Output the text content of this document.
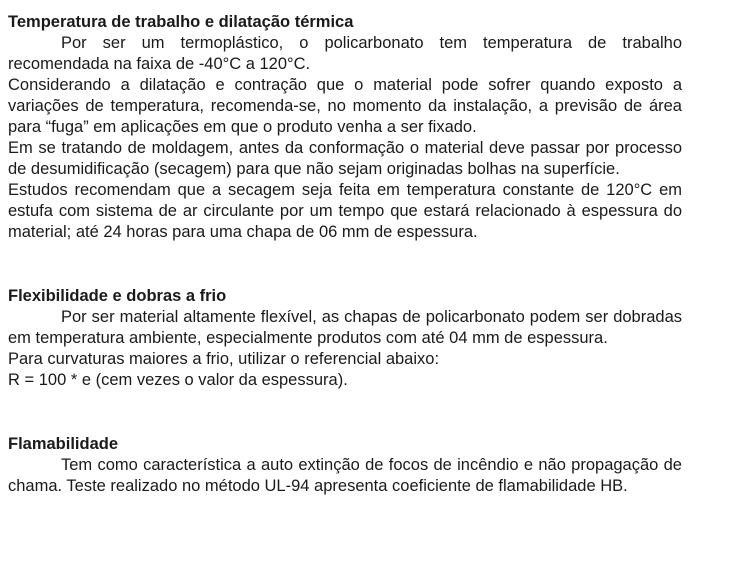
Temperatura de trabalho e dilatação térmica

Por ser um termoplástico, o policarbonato tem temperatura de trabalho recomendada na faixa de -40°C a 120°C.

Considerando a dilatação e contração que o material pode sofrer quando exposto a variações de temperatura, recomenda-se, no momento da instalação, a previsão de área para “fuga” em aplicações em que o produto venha a ser fixado.

Em se tratando de moldagem, antes da conformação o material deve passar por processo de desumidificação (secagem) para que não sejam originadas bolhas na superfície.

Estudos recomendam que a secagem seja feita em temperatura constante de 120°C em estufa com sistema de ar circulante por um tempo que estará relacionado à espessura do material; até 24 horas para uma chapa de 06 mm de espessura.

Flexibilidade e dobras a frio

Por ser material altamente flexível, as chapas de policarbonato podem ser dobradas em temperatura ambiente, especialmente produtos com até 04 mm de espessura.

Para curvaturas maiores a frio, utilizar o referencial abaixo:

R = 100 * e (cem vezes o valor da espessura).

Flamabilidade

Tem como característica a auto extinção de focos de incêndio e não propagação de chama. Teste realizado no método UL-94 apresenta coeficiente de flamabilidade HB.
